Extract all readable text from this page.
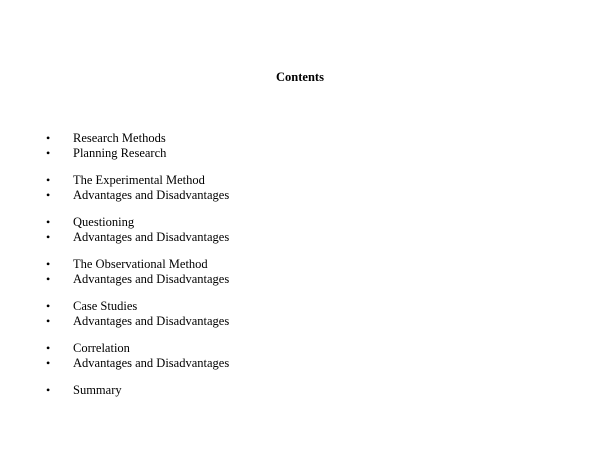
Contents
•	Research Methods
•	Planning Research
•	The Experimental Method
•	Advantages and Disadvantages
•	Questioning
•	Advantages and Disadvantages
•	The Observational Method
•	Advantages and Disadvantages
•	Case Studies
•	Advantages and Disadvantages
•	Correlation
•	Advantages and Disadvantages
•	Summary
